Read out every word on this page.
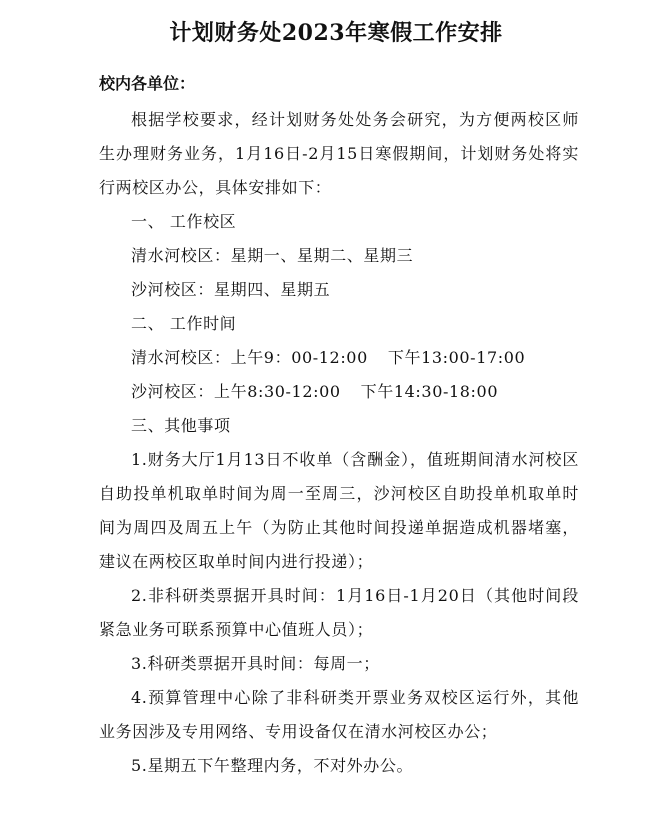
计划财务处2023年寒假工作安排
校内各单位：

根据学校要求，经计划财务处处务会研究，为方便两校区师生办理财务业务，1月16日-2月15日寒假期间，计划财务处将实行两校区办公，具体安排如下：

一、 工作校区

清水河校区：星期一、星期二、星期三

沙河校区：星期四、星期五

二、 工作时间

清水河校区：上午9：00-12:00 下午13:00-17:00

沙河校区：上午8:30-12:00 下午14:30-18:00

三、其他事项

1.财务大厅1月13日不收单（含酬金），值班期间清水河校区自助投单机取单时间为周一至周三，沙河校区自助投单机取单时间为周四及周五上午（为防止其他时间投递单据造成机器堵塞，建议在两校区取单时间内进行投递）；

2.非科研类票据开具时间：1月16日-1月20日（其他时间段紧急业务可联系预算中心值班人员）；

3.科研类票据开具时间：每周一；

4.预算管理中心除了非科研类开票业务双校区运行外，其他业务因涉及专用网络、专用设备仅在清水河校区办公；

5.星期五下午整理内务，不对外办公。
